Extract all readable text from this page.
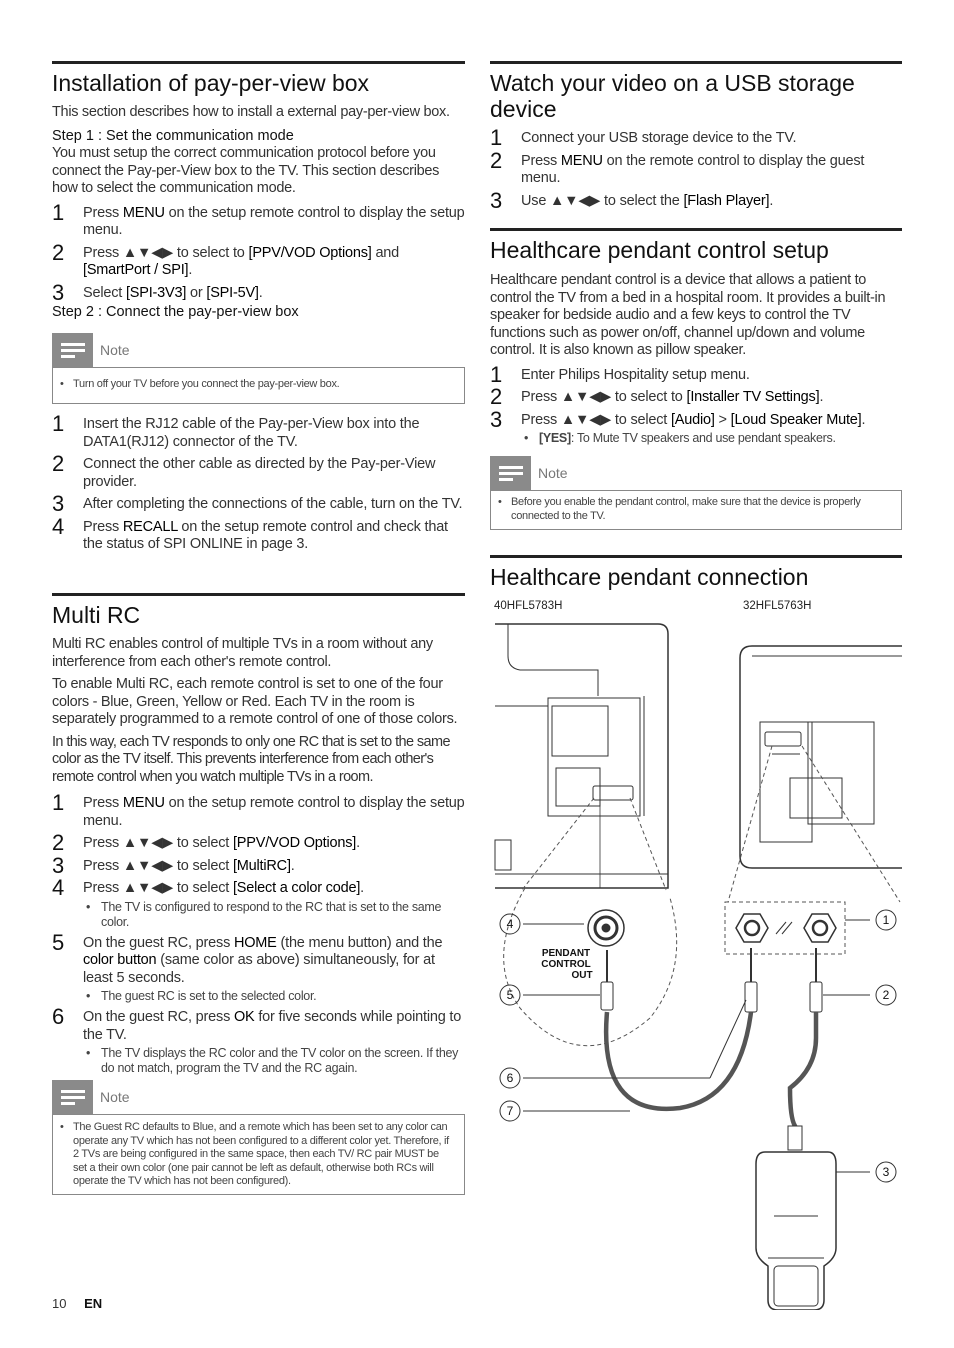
Installation of pay-per-view box

This section describes how to install a external pay-per-view box.

Step 1 : Set the communication mode

You must setup the correct communication protocol before you connect the Pay-per-View box to the TV. This section describes how to select the communication mode.

1 Press MENU on the setup remote control to display the setup menu.
2 Press ▲▼◀▶ to select to [PPV/VOD Options] and [SmartPort / SPI].
3 Select [SPI-3V3] or [SPI-5V].

Step 2 : Connect the pay-per-view box

Note
• Turn off your TV before you connect the pay-per-view box.

1 Insert the RJ12 cable of the Pay-per-View box into the DATA1(RJ12) connector of the TV.
2 Connect the other cable as directed by the Pay-per-View provider.
3 After completing the connections of the cable, turn on the TV.
4 Press RECALL on the setup remote control and check that the status of SPI ONLINE in page 3.
Multi RC

Multi RC enables control of multiple TVs in a room without any interference from each other's remote control.

To enable Multi RC, each remote control is set to one of the four colors - Blue, Green, Yellow or Red. Each TV in the room is separately programmed to a remote control of one of those colors.

In this way, each TV responds to only one RC that is set to the same color as the TV itself. This prevents interference from each other's remote control when you watch multiple TVs in a room.

1 Press MENU on the setup remote control to display the setup menu.
2 Press ▲▼◀▶ to select [PPV/VOD Options].
3 Press ▲▼◀▶ to select [MultiRC].
4 Press ▲▼◀▶ to select [Select a color code].
• The TV is configured to respond to the RC that is set to the same color.
5 On the guest RC, press HOME (the menu button) and the color button (same color as above) simultaneously, for at least 5 seconds.
• The guest RC is set to the selected color.
6 On the guest RC, press OK for five seconds while pointing to the TV.
• The TV displays the RC color and the TV color on the screen. If they do not match, program the TV and the RC again.
Note
• The Guest RC defaults to Blue, and a remote which has been set to any color can operate any TV which has not been configured to a different color yet. Therefore, if 2 TVs are being configured in the same space, then each TV/ RC pair MUST be set a their own color (one pair cannot be left as default, otherwise both RCs will operate the TV which has not been configured).

Watch your video on a USB storage device
1 Connect your USB storage device to the TV.
2 Press MENU on the remote control to display the guest menu.
3 Use ▲▼◀▶ to select the [Flash Player].
Healthcare pendant control setup

Healthcare pendant control is a device that allows a patient to control the TV from a bed in a hospital room. It provides a built-in speaker for bedside audio and a few keys to control the TV functions such as power on/off, channel up/down and volume control. It is also known as pillow speaker.

1 Enter Philips Hospitality setup menu.
2 Press ▲▼◀▶ to select to [Installer TV Settings].
3 Press ▲▼◀▶ to select [Audio] > [Loud Speaker Mute].
• [YES]: To Mute TV speakers and use pendant speakers.
Note
• Before you enable the pendant control, make sure that the device is properly connected to the TV.

Healthcare pendant connection
40HFL5783H	32HFL5763H
1
2
3
4
5
6
7
PENDANT
CONTROL
OUT
10 EN
